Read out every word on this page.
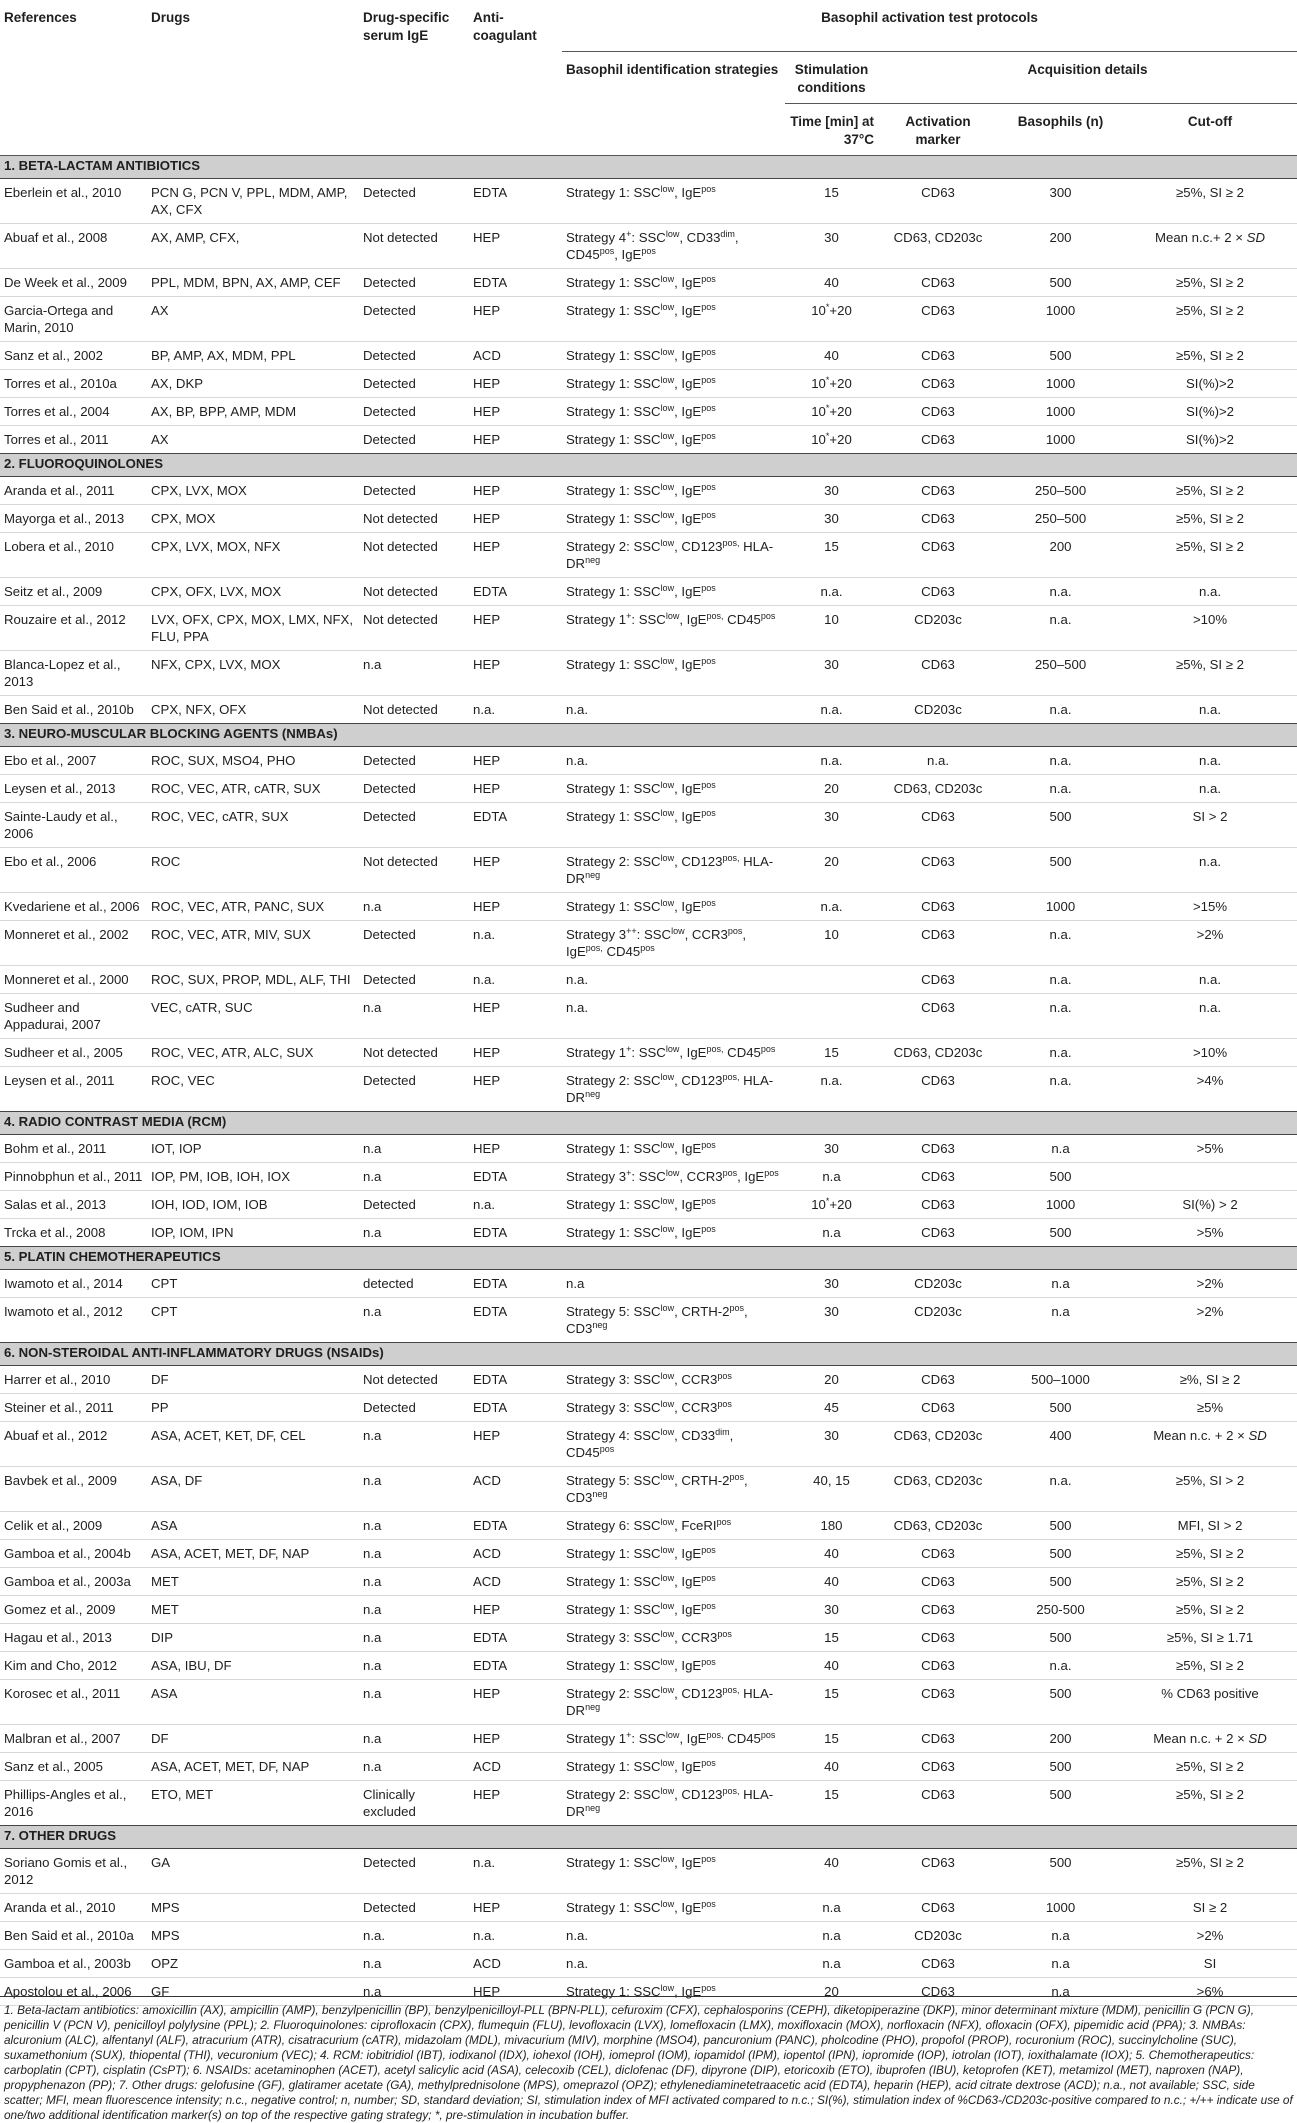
References	Drugs	Drug-specific serum IgE	Anti-coagulant	Basophil activation test protocols				
				Basophil identification strategies	Stimulation conditions	Acquisition details		
					Time [min] at 37°C	Activation marker	Basophils (n)	Cut-off
1. BETA-LACTAM ANTIBIOTICS								
Eberlein et al., 2010	PCN G, PCN V, PPL, MDM, AMP, AX, CFX	Detected	EDTA	Strategy 1: $SSC^{low}$, IgE$^{pos}$	15	CD63	300	≥5%, SI ≥ 2
Abuaf et al., 2008	AX, AMP, CFX,	Not detected	HEP	Strategy 4+: $SSC^{low}$, $CD33^{dim}$, $CD45^{pos}$, IgE$^{pos}$	30	CD63, CD203c	200	Mean n.c.+ 2 × SD
De Week et al., 2009	PPL, MDM, BPN, AX, AMP, CEF	Detected	EDTA	Strategy 1: $SSC^{low}$, IgE$^{pos}$	40	CD63	500	≥5%, SI ≥ 2
Garcia-Ortega and Marin, 2010	AX	Detected	HEP	Strategy 1: $SSC^{low}$, IgE$^{pos}$	10*+20	CD63	1000	≥5%, SI ≥ 2
Sanz et al., 2002	BP, AMP, AX, MDM, PPL	Detected	ACD	Strategy 1: $SSC^{low}$, IgE$^{pos}$	40	CD63	500	≥5%, SI ≥ 2
Torres et al., 2010a	AX, DKP	Detected	HEP	Strategy 1: $SSC^{low}$, IgE$^{pos}$	10*+20	CD63	1000	SI(%)>2
Torres et al., 2004	AX, BP, BPP, AMP, MDM	Detected	HEP	Strategy 1: $SSC^{low}$, IgE$^{pos}$	10*+20	CD63	1000	SI(%)>2
Torres et al., 2011	AX	Detected	HEP	Strategy 1: $SSC^{low}$, IgE$^{pos}$	10*+20	CD63	1000	SI(%)>2
2. FLUOROQUINOLONES								
Aranda et al., 2011	CPX, LVX, MOX	Detected	HEP	Strategy 1: $SSC^{low}$, IgE$^{pos}$	30	CD63	250–500	≥5%, SI ≥ 2
Mayorga et al., 2013	CPX, MOX	Not detected	HEP	Strategy 1: $SSC^{low}$, IgE$^{pos}$	30	CD63	250–500	≥5%, SI ≥ 2
Lobera et al., 2010	CPX, LVX, MOX, NFX	Not detected	HEP	Strategy 2: $SSC^{low}$, $CD123^{pos,}$ HLA-$DR^{neg}$	15	CD63	200	≥5%, SI ≥ 2
Seitz et al., 2009	CPX, OFX, LVX, MOX	Not detected	EDTA	Strategy 1: $SSC^{low}$, IgE$^{pos}$	n.a.	CD63	n.a.	n.a.
Rouzaire et al., 2012	LVX, OFX, CPX, MOX, LMX, NFX, FLU, PPA	Not detected	HEP	Strategy 1+: $SSC^{low}$, IgE$^{pos,}$ $CD45^{pos}$	10	CD203c	n.a.	>10%
Blanca-Lopez et al., 2013	NFX, CPX, LVX, MOX	n.a	HEP	Strategy 1: $SSC^{low}$, IgE$^{pos}$	30	CD63	250–500	≥5%, SI ≥ 2
Ben Said et al., 2010b	CPX, NFX, OFX	Not detected	n.a.	n.a.	n.a.	CD203c	n.a.	n.a.
3. NEURO-MUSCULAR BLOCKING AGENTS (NMBAs)								
Ebo et al., 2007	ROC, SUX, MSO4, PHO	Detected	HEP	n.a.	n.a.	n.a.	n.a.	n.a.
Leysen et al., 2013	ROC, VEC, ATR, cATR, SUX	Detected	HEP	Strategy 1: $SSC^{low}$, IgE$^{pos}$	20	CD63, CD203c	n.a.	n.a.
Sainte-Laudy et al., 2006	ROC, VEC, cATR, SUX	Detected	EDTA	Strategy 1: $SSC^{low}$, IgE$^{pos}$	30	CD63	500	SI > 2
Ebo et al., 2006	ROC	Not detected	HEP	Strategy 2: $SSC^{low}$, $CD123^{pos,}$ HLA-$DR^{neg}$	20	CD63	500	n.a.
Kvedariene et al., 2006	ROC, VEC, ATR, PANC, SUX	n.a	HEP	Strategy 1: $SSC^{low}$, IgE$^{pos}$	n.a.	CD63	1000	>15%
Monneret et al., 2002	ROC, VEC, ATR, MIV, SUX	Detected	n.a.	Strategy 3++: $SSC^{low}$, $CCR3^{pos}$, IgE$^{pos,}$ $CD45^{pos}$	10	CD63	n.a.	>2%
Monneret et al., 2000	ROC, SUX, PROP, MDL, ALF, THI	Detected	n.a.	n.a.		CD63	n.a.	n.a.
Sudheer and Appadurai, 2007	VEC, cATR, SUC	n.a	HEP	n.a.		CD63	n.a.	n.a.
Sudheer et al., 2005	ROC, VEC, ATR, ALC, SUX	Not detected	HEP	Strategy 1+: $SSC^{low}$, IgE$^{pos,}$ $CD45^{pos}$	15	CD63, CD203c	n.a.	>10%
Leysen et al., 2011	ROC, VEC	Detected	HEP	Strategy 2: $SSC^{low}$, $CD123^{pos,}$ HLA-$DR^{neg}$	n.a.	CD63	n.a.	>4%
4. RADIO CONTRAST MEDIA (RCM)								
Bohm et al., 2011	IOT, IOP	n.a	HEP	Strategy 1: $SSC^{low}$, IgE$^{pos}$	30	CD63	n.a	>5%
Pinnobphun et al., 2011	IOP, PM, IOB, IOH, IOX	n.a	EDTA	Strategy 3+: $SSC^{low}$, $CCR3^{pos}$, IgE$^{pos}$	n.a	CD63	500	
Salas et al., 2013	IOH, IOD, IOM, IOB	Detected	n.a.	Strategy 1: $SSC^{low}$, IgE$^{pos}$	10*+20	CD63	1000	SI(%) > 2
Trcka et al., 2008	IOP, IOM, IPN	n.a	EDTA	Strategy 1: $SSC^{low}$, IgE$^{pos}$	n.a	CD63	500	>5%
5. PLATIN CHEMOTHERAPEUTICS								
Iwamoto et al., 2014	CPT	detected	EDTA	n.a	30	CD203c	n.a	>2%
Iwamoto et al., 2012	CPT	n.a	EDTA	Strategy 5: $SSC^{low}$, CRTH-$2^{pos}$, $CD3^{neg}$	30	CD203c	n.a	>2%
6. NON-STEROIDAL ANTI-INFLAMMATORY DRUGS (NSAIDs)								
Harrer et al., 2010	DF	Not detected	EDTA	Strategy 3: $SSC^{low}$, $CCR3^{pos}$	20	CD63	500–1000	≥%, SI ≥ 2
Steiner et al., 2011	PP	Detected	EDTA	Strategy 3: $SSC^{low}$, $CCR3^{pos}$	45	CD63	500	≥5%
Abuaf et al., 2012	ASA, ACET, KET, DF, CEL	n.a	HEP	Strategy 4: $SSC^{low}$, $CD33^{dim}$, $CD45^{pos}$	30	CD63, CD203c	400	Mean n.c. + 2 × SD
Bavbek et al., 2009	ASA, DF	n.a	ACD	Strategy 5: $SSC^{low}$, CRTH-$2^{pos}$, $CD3^{neg}$	40, 15	CD63, CD203c	n.a.	≥5%, SI > 2
Celik et al., 2009	ASA	n.a	EDTA	Strategy 6: $SSC^{low}$, FceRI$^{pos}$	180	CD63, CD203c	500	MFI, SI > 2
Gamboa et al., 2004b	ASA, ACET, MET, DF, NAP	n.a	ACD	Strategy 1: $SSC^{low}$, IgE$^{pos}$	40	CD63	500	≥5%, SI ≥ 2
Gamboa et al., 2003a	MET	n.a	ACD	Strategy 1: $SSC^{low}$, IgE$^{pos}$	40	CD63	500	≥5%, SI ≥ 2
Gomez et al., 2009	MET	n.a	HEP	Strategy 1: $SSC^{low}$, IgE$^{pos}$	30	CD63	250-500	≥5%, SI ≥ 2
Hagau et al., 2013	DIP	n.a	EDTA	Strategy 3: $SSC^{low}$, $CCR3^{pos}$	15	CD63	500	≥5%, SI ≥ 1.71
Kim and Cho, 2012	ASA, IBU, DF	n.a	EDTA	Strategy 1: $SSC^{low}$, IgE$^{pos}$	40	CD63	n.a.	≥5%, SI ≥ 2
Korosec et al., 2011	ASA	n.a	HEP	Strategy 2: $SSC^{low}$, $CD123^{pos,}$ HLA-$DR^{neg}$	15	CD63	500	% CD63 positive
Malbran et al., 2007	DF	n.a	HEP	Strategy 1+: $SSC^{low}$, IgE$^{pos,}$ $CD45^{pos}$	15	CD63	200	Mean n.c. + 2 × SD
Sanz et al., 2005	ASA, ACET, MET, DF, NAP	n.a	ACD	Strategy 1: $SSC^{low}$, IgE$^{pos}$	40	CD63	500	≥5%, SI ≥ 2
Phillips-Angles et al., 2016	ETO, MET	Clinically excluded	HEP	Strategy 2: $SSC^{low}$, $CD123^{pos,}$ HLA-$DR^{neg}$	15	CD63	500	≥5%, SI ≥ 2
7. OTHER DRUGS								
Soriano Gomis et al., 2012	GA	Detected	n.a.	Strategy 1: $SSC^{low}$, IgE$^{pos}$	40	CD63	500	≥5%, SI ≥ 2
Aranda et al., 2010	MPS	Detected	HEP	Strategy 1: $SSC^{low}$, IgE$^{pos}$	n.a	CD63	1000	SI ≥ 2
Ben Said et al., 2010a	MPS	n.a.	n.a.	n.a.	n.a	CD203c	n.a	>2%
Gamboa et al., 2003b	OPZ	n.a	ACD	n.a.	n.a	CD63	n.a	SI
Apostolou et al., 2006	GF	n.a	HEP	Strategy 1: $SSC^{low}$, IgE$^{pos}$	20	CD63	n.a	>6%
1. Beta-lactam antibiotics: amoxicillin (AX), ampicillin (AMP), benzylpenicillin (BP), benzylpenicilloyl-PLL (BPN-PLL), cefuroxim (CFX), cephalosporins (CEPH), diketopiperazine (DKP), minor determinant mixture (MDM), penicillin G (PCN G), penicillin V (PCN V), penicilloyl polylysine (PPL); 2. Fluoroquinolones: ciprofloxacin (CPX), flumequin (FLU), levofloxacin (LVX), lomefloxacin (LMX), moxifloxacin (MOX), norfloxacin (NFX), ofloxacin (OFX), pipemidic acid (PPA); 3. NMBAs: alcuronium (ALC), alfentanyl (ALF), atracurium (ATR), cisatracurium (cATR), midazolam (MDL), mivacurium (MIV), morphine (MSO4), pancuronium (PANC), pholcodine (PHO), propofol (PROP), rocuronium (ROC), succinylcholine (SUC), suxamethonium (SUX), thiopental (THI), vecuronium (VEC); 4. RCM: iobitridiol (IBT), iodixanol (IDX), iohexol (IOH), iomeprol (IOM), iopamidol (IPM), iopentol (IPN), iopromide (IOP), iotrolan (IOT), ioxithalamate (IOX); 5. Chemotherapeutics: carboplatin (CPT), cisplatin (CsPT); 6. NSAIDs: acetaminophen (ACET), acetyl salicylic acid (ASA), celecoxib (CEL), diclofenac (DF), dipyrone (DIP), etoricoxib (ETO), ibuprofen (IBU), ketoprofen (KET), metamizol (MET), naproxen (NAP), propyphenazon (PP); 7. Other drugs: gelofusine (GF), glatiramer acetate (GA), methylprednisolone (MPS), omeprazol (OPZ); ethylenediaminetetraacetic acid (EDTA), heparin (HEP), acid citrate dextrose (ACD); n.a., not available; SSC, side scatter; MFI, mean fluorescence intensity; n.c., negative control; n, number; SD, standard deviation; SI, stimulation index of MFI activated compared to n.c.; SI(%), stimulation index of %CD63-/CD203c-positive compared to n.c.; +/++ indicate use of one/two additional identification marker(s) on top of the respective gating strategy; *, pre-stimulation in incubation buffer.
